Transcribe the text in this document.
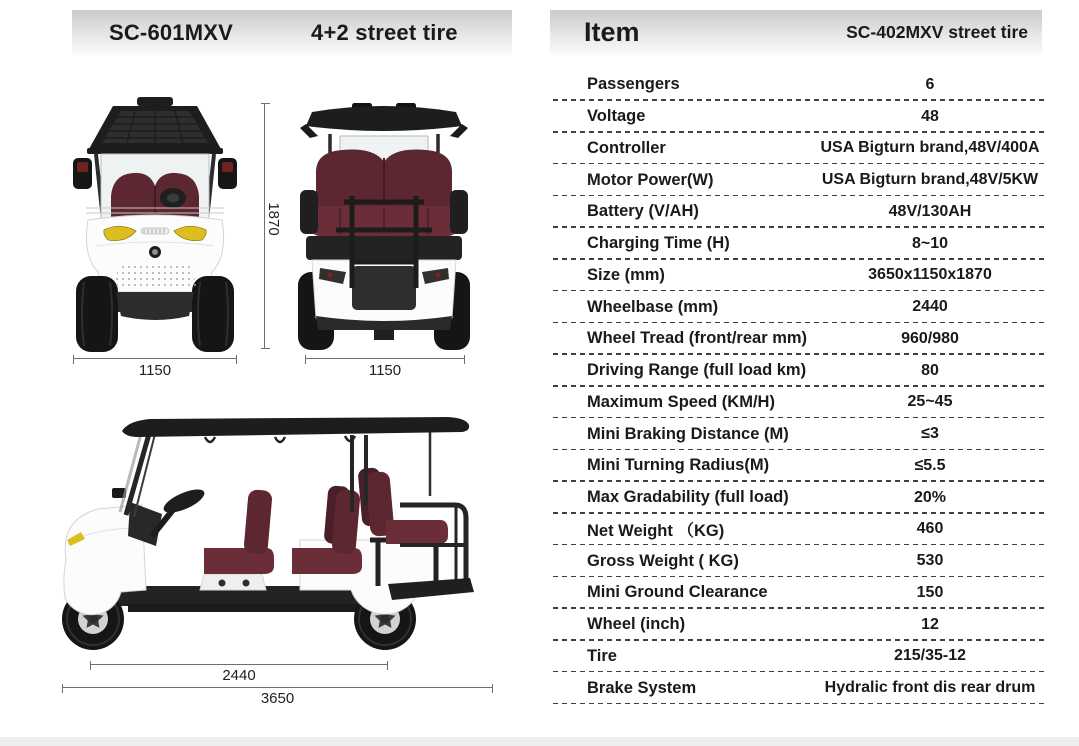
SC-601MXV	4+2 street tire	Item	SC-402MXV street tire
Passengers	6
Voltage	48
Controller	USA Bigturn brand,48V/400A
Motor Power(W)	USA Bigturn brand,48V/5KW
Battery (V/AH)	48V/130AH
Charging Time (H)	8~10
Size (mm)	3650x1150x1870
Wheelbase (mm)	2440
Wheel Tread (front/rear mm)	960/980
Driving Range (full load km)	80
Maximum Speed (KM/H)	25~45
Mini Braking Distance (M)	≤3
Mini Turning Radius(M)	≤5.5
Max Gradability (full load)	20%
Net Weight （KG)	460
Gross Weight ( KG)	530
Mini Ground Clearance	150
Wheel (inch)	12
Tire	215/35-12
Brake System	Hydralic front dis rear drum
1870
1150	1150
2440
3650
